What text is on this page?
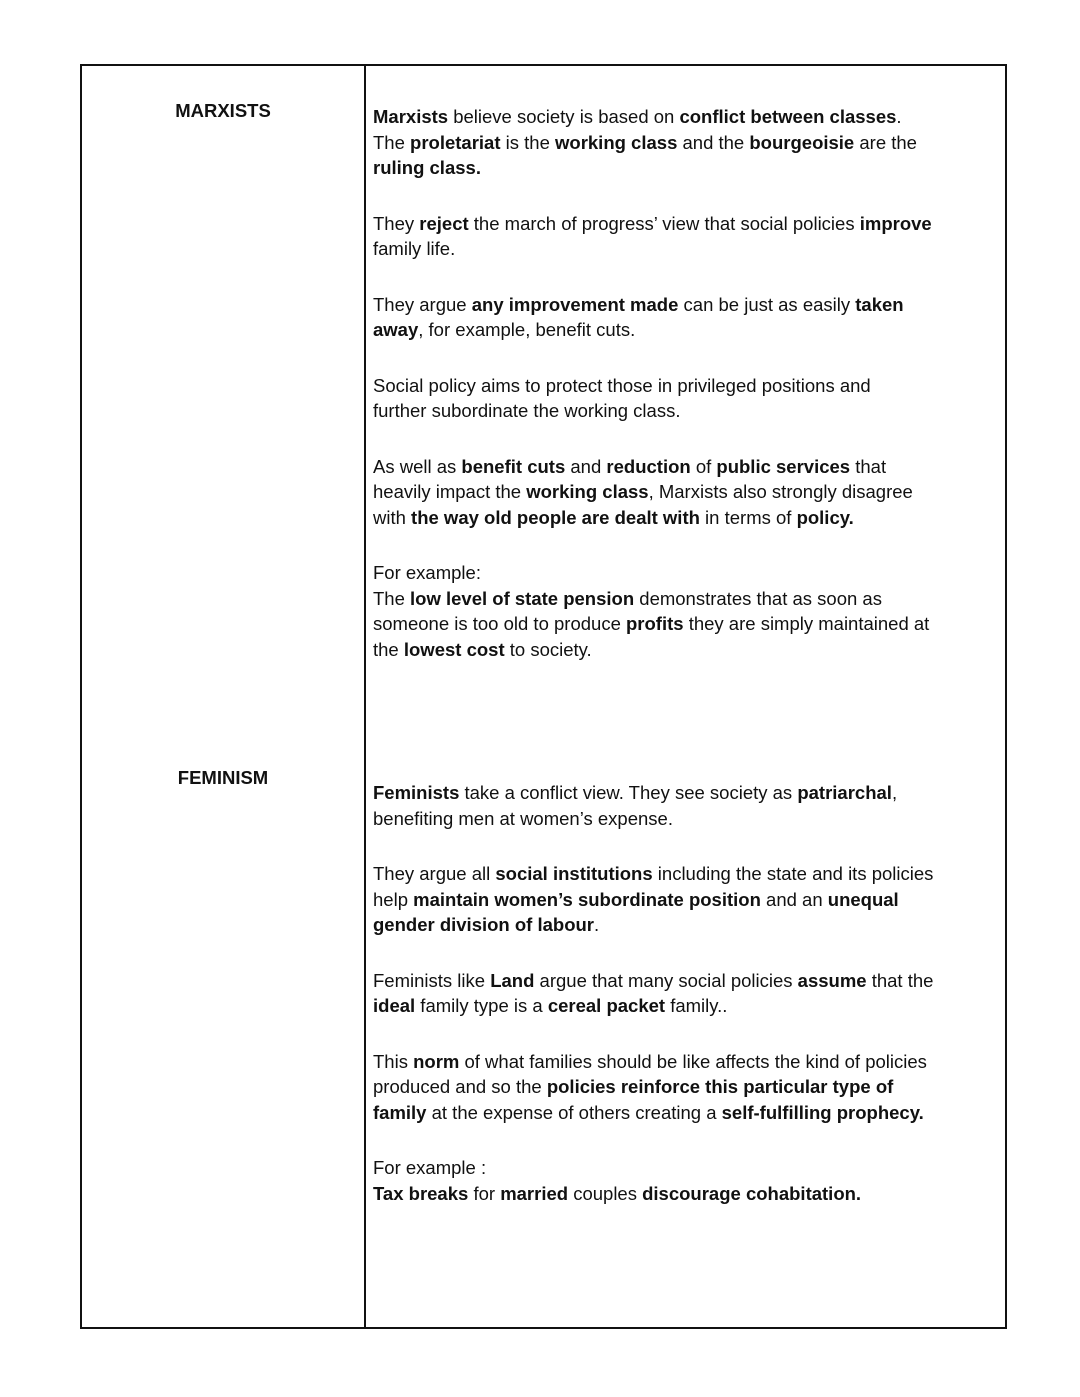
MARXISTS	Marxists believe society is based on conflict between classes.
The proletariat is the working class and the bourgeoisie are the
ruling class.
They reject the march of progress’ view that social policies improve
family life.
They argue any improvement made can be just as easily taken
away, for example, benefit cuts.
Social policy aims to protect those in privileged positions and
further subordinate the working class.
As well as benefit cuts and reduction of public services that
heavily impact the working class, Marxists also strongly disagree
with the way old people are dealt with in terms of policy.
For example:
The low level of state pension demonstrates that as soon as
someone is too old to produce profits they are simply maintained at
the lowest cost to society.
FEMINISM
Feminists take a conflict view. They see society as patriarchal,
benefiting men at women’s expense.
They argue all social institutions including the state and its policies
help maintain women’s subordinate position and an unequal
gender division of labour.
Feminists like Land argue that many social policies assume that the
ideal family type is a cereal packet family..
This norm of what families should be like affects the kind of policies
produced and so the policies reinforce this particular type of
family at the expense of others creating a self-fulfilling prophecy.
For example :
Tax breaks for married couples discourage cohabitation.
